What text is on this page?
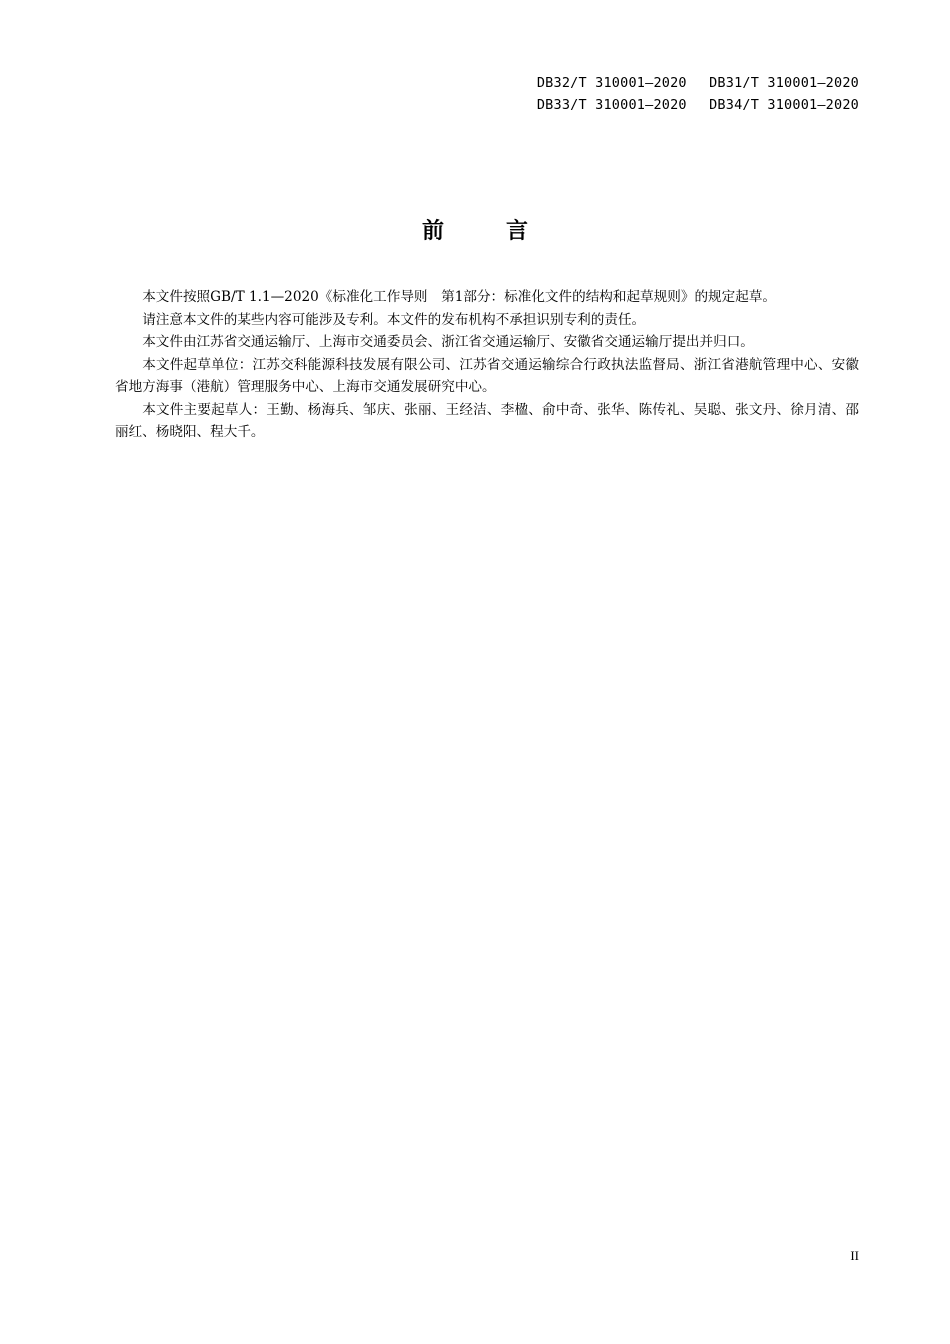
DB32/T 310001—2020 DB31/T 310001—2020
DB33/T 310001—2020 DB34/T 310001—2020
前言

本文件按照GB/T 1.1—2020《标准化工作导则　第1部分：标准化文件的结构和起草规则》的规定起草。

请注意本文件的某些内容可能涉及专利。本文件的发布机构不承担识别专利的责任。

本文件由江苏省交通运输厅、上海市交通委员会、浙江省交通运输厅、安徽省交通运输厅提出并归口。

本文件起草单位：江苏交科能源科技发展有限公司、江苏省交通运输综合行政执法监督局、浙江省港航管理中心、安徽省地方海事（港航）管理服务中心、上海市交通发展研究中心。

本文件主要起草人：王勤、杨海兵、邹庆、张丽、王经洁、李楹、俞中奇、张华、陈传礼、吴聪、张文丹、徐月清、邵丽红、杨晓阳、程大千。

II
